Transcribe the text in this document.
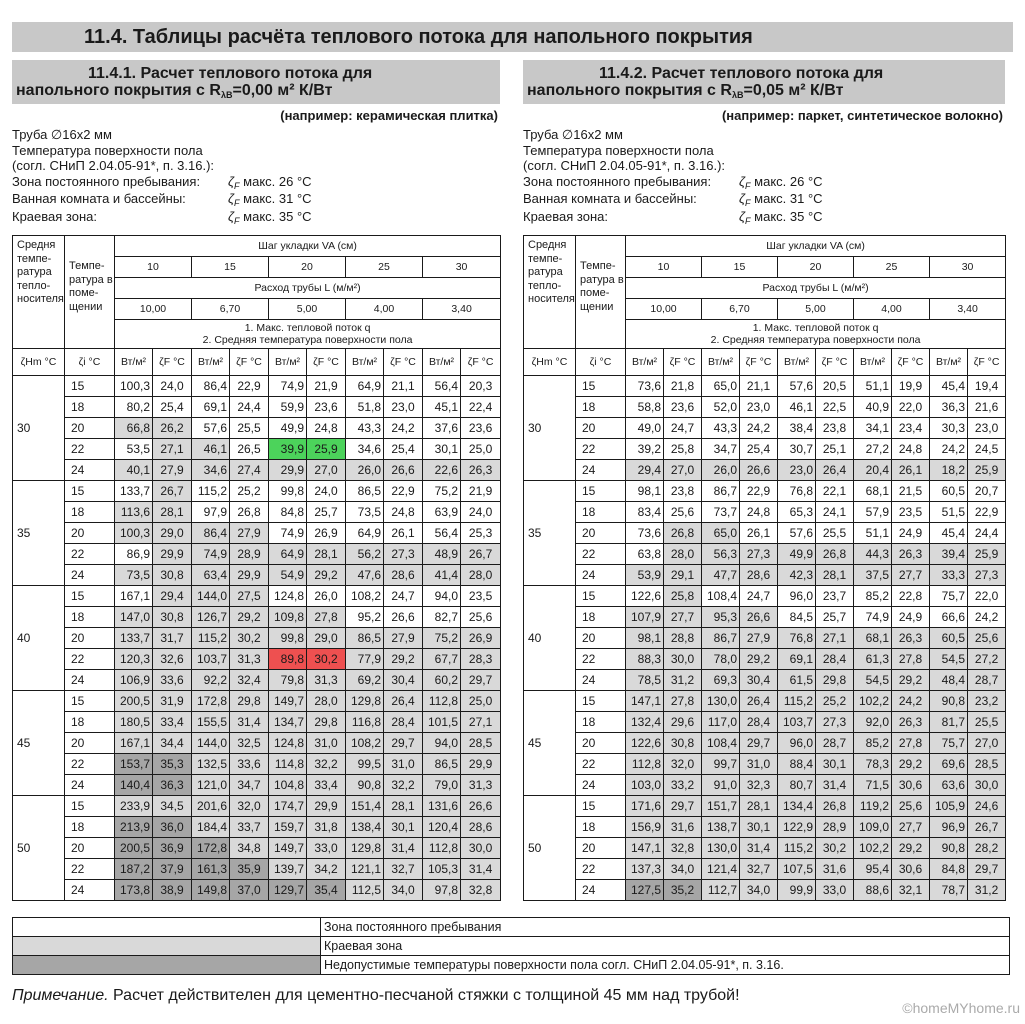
11.4. Таблицы расчёта теплового потока для напольного покрытия
11.4.1. Расчет теплового потока для
напольного покрытия с RλB=0,00 м² К/Вт
(например: керамическая плитка)
Труба ∅16x2 мм
Температура поверхности пола
(согл. СНиП 2.04.05-91*, п. 3.16.):
Зона постоянного пребывания: $\zeta_F$ макс. 26 °C
Ванная комната и бассейны:	$\zeta_F$ макс. 31 °C
Краевая зона:	$\zeta_F$ макс. 35 °C
Средня темпе-ратура тепло-носителя	Темпе-ратура в поме-щении	Шаг укладки VA (см)									
		10		15		20		25		30	
		Расход трубы L (м/м²)									
		10,00		6,70		5,00		4,00		3,40	

		1. Макс. тепловой поток q
2. Средняя температура поверхности пола									

ζHm °C	ζi °C	Вт/м²	ζF °C	Вт/м²	ζF °C	Вт/м²	ζF °C	Вт/м²	ζF °C	Вт/м²	ζF °C
30	15	100,3	24,0	86,4	22,9	74,9	21,9	64,9	21,1	56,4	20,3
	18	80,2	25,4	69,1	24,4	59,9	23,6	51,8	23,0	45,1	22,4
	20	66,8	26,2	57,6	25,5	49,9	24,8	43,3	24,2	37,6	23,6
	22	53,5	27,1	46,1	26,5	39,9	25,9	34,6	25,4	30,1	25,0
	24	40,1	27,9	34,6	27,4	29,9	27,0	26,0	26,6	22,6	26,3
35	15	133,7	26,7	115,2	25,2	99,8	24,0	86,5	22,9	75,2	21,9
	18	113,6	28,1	97,9	26,8	84,8	25,7	73,5	24,8	63,9	24,0
	20	100,3	29,0	86,4	27,9	74,9	26,9	64,9	26,1	56,4	25,3
	22	86,9	29,9	74,9	28,9	64,9	28,1	56,2	27,3	48,9	26,7
	24	73,5	30,8	63,4	29,9	54,9	29,2	47,6	28,6	41,4	28,0
40	15	167,1	29,4	144,0	27,5	124,8	26,0	108,2	24,7	94,0	23,5
	18	147,0	30,8	126,7	29,2	109,8	27,8	95,2	26,6	82,7	25,6
	20	133,7	31,7	115,2	30,2	99,8	29,0	86,5	27,9	75,2	26,9
	22	120,3	32,6	103,7	31,3	89,8	30,2	77,9	29,2	67,7	28,3
	24	106,9	33,6	92,2	32,4	79,8	31,3	69,2	30,4	60,2	29,7
45	15	200,5	31,9	172,8	29,8	149,7	28,0	129,8	26,4	112,8	25,0
	18	180,5	33,4	155,5	31,4	134,7	29,8	116,8	28,4	101,5	27,1
	20	167,1	34,4	144,0	32,5	124,8	31,0	108,2	29,7	94,0	28,5
	22	153,7	35,3	132,5	33,6	114,8	32,2	99,5	31,0	86,5	29,9
	24	140,4	36,3	121,0	34,7	104,8	33,4	90,8	32,2	79,0	31,3
50	15	233,9	34,5	201,6	32,0	174,7	29,9	151,4	28,1	131,6	26,6
	18	213,9	36,0	184,4	33,7	159,7	31,8	138,4	30,1	120,4	28,6
	20	200,5	36,9	172,8	34,8	149,7	33,0	129,8	31,4	112,8	30,0
	22	187,2	37,9	161,3	35,9	139,7	34,2	121,1	32,7	105,3	31,4
	24	173,8	38,9	149,8	37,0	129,7	35,4	112,5	34,0	97,8	32,8
11.4.2. Расчет теплового потока для
напольного покрытия с RλB=0,05 м² К/Вт
(например: паркет, синтетическое волокно)
Труба ∅16x2 мм
Температура поверхности пола
(согл. СНиП 2.04.05-91*, п. 3.16.):
Зона постоянного пребывания: $\zeta_F$ макс. 26 °C
Ванная комната и бассейны:	$\zeta_F$ макс. 31 °C
Краевая зона:	$\zeta_F$ макс. 35 °C
Средня темпе-ратура тепло-носителя	Темпе-ратура в поме-щении	Шаг укладки VA (см)									
		10		15		20		25		30	
		Расход трубы L (м/м²)									
		10,00		6,70		5,00		4,00		3,40	

		1. Макс. тепловой поток q
2. Средняя температура поверхности пола									

ζHm °C	ζi °C	Вт/м²	ζF °C	Вт/м²	ζF °C	Вт/м²	ζF °C	Вт/м²	ζF °C	Вт/м²	ζF °C
30	15	73,6	21,8	65,0	21,1	57,6	20,5	51,1	19,9	45,4	19,4
	18	58,8	23,6	52,0	23,0	46,1	22,5	40,9	22,0	36,3	21,6
	20	49,0	24,7	43,3	24,2	38,4	23,8	34,1	23,4	30,3	23,0
	22	39,2	25,8	34,7	25,4	30,7	25,1	27,2	24,8	24,2	24,5
	24	29,4	27,0	26,0	26,6	23,0	26,4	20,4	26,1	18,2	25,9
35	15	98,1	23,8	86,7	22,9	76,8	22,1	68,1	21,5	60,5	20,7
	18	83,4	25,6	73,7	24,8	65,3	24,1	57,9	23,5	51,5	22,9
	20	73,6	26,8	65,0	26,1	57,6	25,5	51,1	24,9	45,4	24,4
	22	63,8	28,0	56,3	27,3	49,9	26,8	44,3	26,3	39,4	25,9
	24	53,9	29,1	47,7	28,6	42,3	28,1	37,5	27,7	33,3	27,3
40	15	122,6	25,8	108,4	24,7	96,0	23,7	85,2	22,8	75,7	22,0
	18	107,9	27,7	95,3	26,6	84,5	25,7	74,9	24,9	66,6	24,2
	20	98,1	28,8	86,7	27,9	76,8	27,1	68,1	26,3	60,5	25,6
	22	88,3	30,0	78,0	29,2	69,1	28,4	61,3	27,8	54,5	27,2
	24	78,5	31,2	69,3	30,4	61,5	29,8	54,5	29,2	48,4	28,7
45	15	147,1	27,8	130,0	26,4	115,2	25,2	102,2	24,2	90,8	23,2
	18	132,4	29,6	117,0	28,4	103,7	27,3	92,0	26,3	81,7	25,5
	20	122,6	30,8	108,4	29,7	96,0	28,7	85,2	27,8	75,7	27,0
	22	112,8	32,0	99,7	31,0	88,4	30,1	78,3	29,2	69,6	28,5
	24	103,0	33,2	91,0	32,3	80,7	31,4	71,5	30,6	63,6	30,0
50	15	171,6	29,7	151,7	28,1	134,4	26,8	119,2	25,6	105,9	24,6
	18	156,9	31,6	138,7	30,1	122,9	28,9	109,0	27,7	96,9	26,7
	20	147,1	32,8	130,0	31,4	115,2	30,2	102,2	29,2	90,8	28,2
	22	137,3	34,0	121,4	32,7	107,5	31,6	95,4	30,6	84,8	29,7
	24	127,5	35,2	112,7	34,0	99,9	33,0	88,6	32,1	78,7	31,2
	Зона постоянного пребывания
	Краевая зона
	Недопустимые температуры поверхности пола согл. СНиП 2.04.05-91*, п. 3.16.
Примечание. Расчет действителен для цементно-песчаной стяжки с толщиной 45 мм над трубой!
©homeMYhome.ru
